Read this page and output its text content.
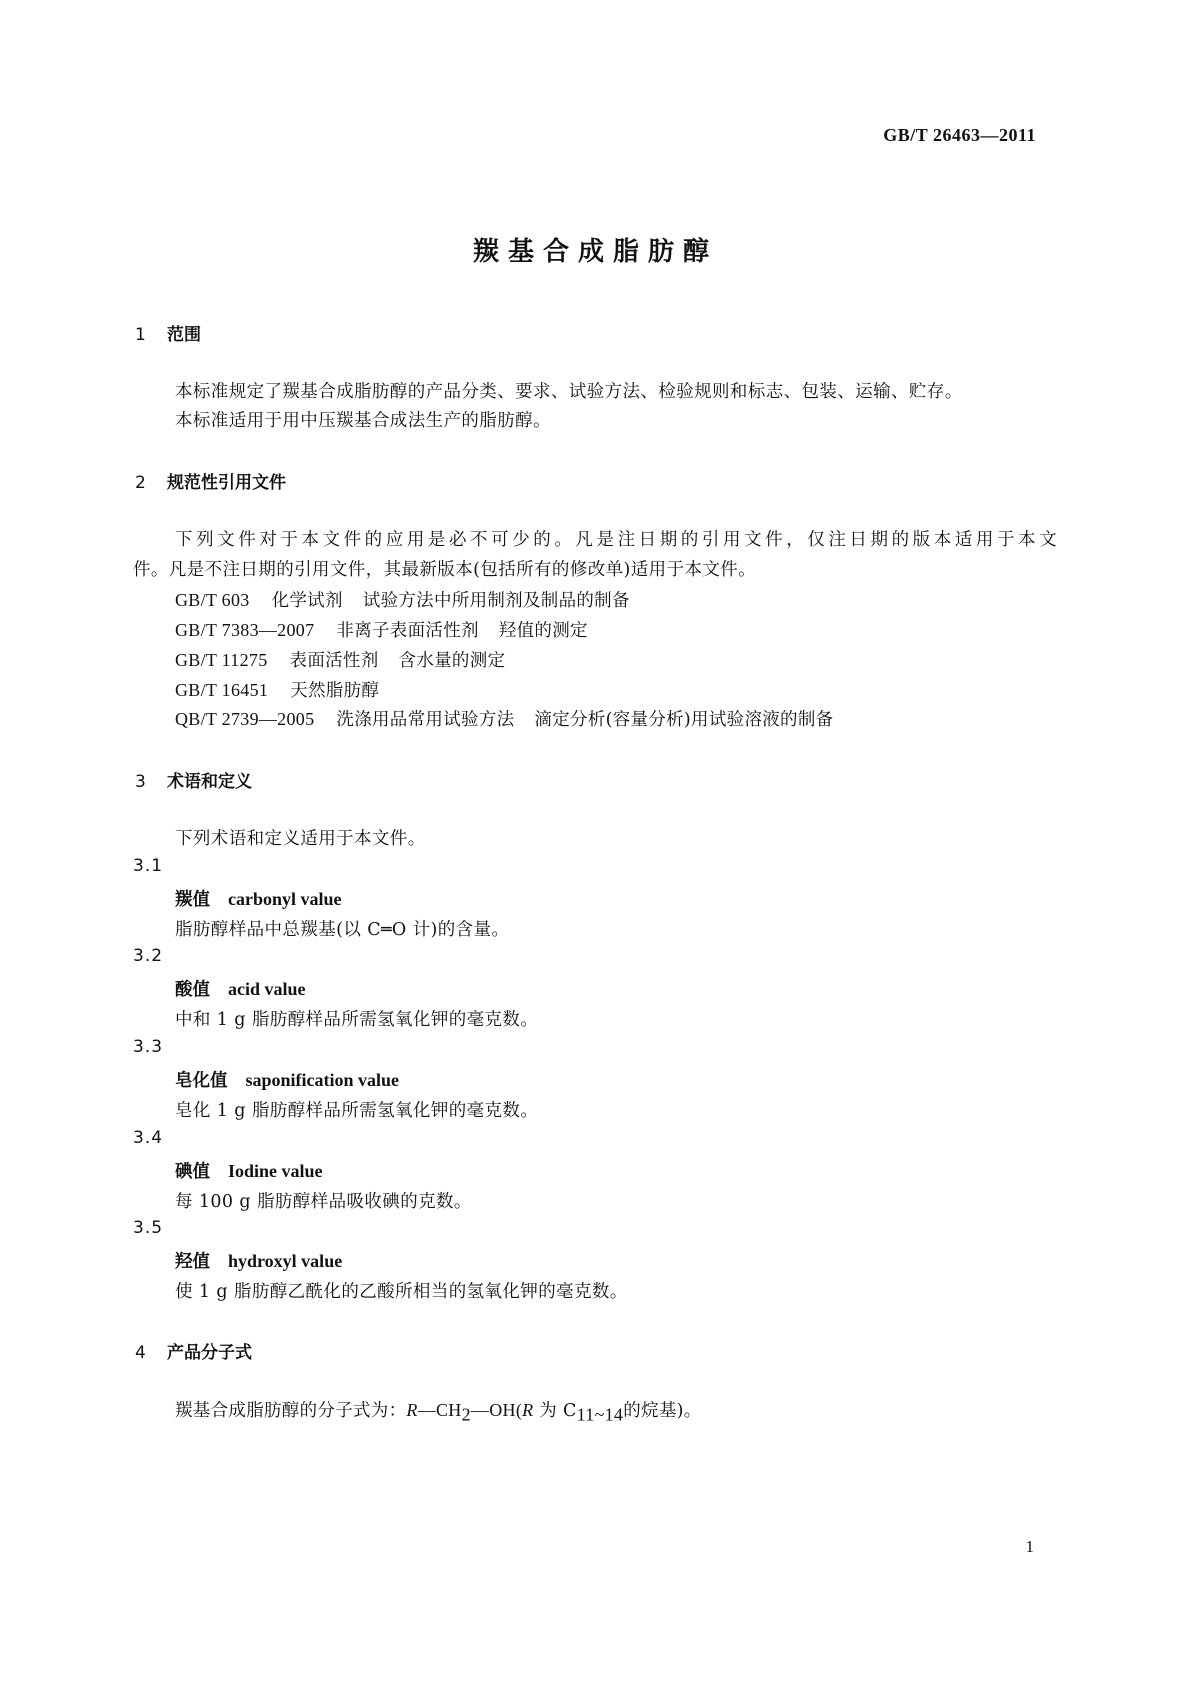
GB/T 26463—2011
羰基合成脂肪醇
1 范围
本标准规定了羰基合成脂肪醇的产品分类、要求、试验方法、检验规则和标志、包装、运输、贮存。
本标准适用于用中压羰基合成法生产的脂肪醇。
2 规范性引用文件
下列文件对于本文件的应用是必不可少的。凡是注日期的引用文件，仅注日期的版本适用于本文
件。凡是不注日期的引用文件，其最新版本(包括所有的修改单)适用于本文件。
GB/T 603 化学试剂 试验方法中所用制剂及制品的制备
GB/T 7383—2007 非离子表面活性剂 羟值的测定
GB/T 11275 表面活性剂 含水量的测定
GB/T 16451 天然脂肪醇
QB/T 2739—2005 洗涤用品常用试验方法 滴定分析(容量分析)用试验溶液的制备
3 术语和定义
下列术语和定义适用于本文件。
3.1
羰值 carbonyl value
脂肪醇样品中总羰基(以 C═O 计)的含量。
3.2
酸值 acid value
中和 1 g 脂肪醇样品所需氢氧化钾的毫克数。
3.3
皂化值 saponification value
皂化 1 g 脂肪醇样品所需氢氧化钾的毫克数。
3.4
碘值 Iodine value
每 100 g 脂肪醇样品吸收碘的克数。
3.5
羟值 hydroxyl value
使 1 g 脂肪醇乙酰化的乙酸所相当的氢氧化钾的毫克数。
4 产品分子式
羰基合成脂肪醇的分子式为：$R—CH_2—OH(R$ 为 $C_{11\sim 14}$的烷基)。
1
